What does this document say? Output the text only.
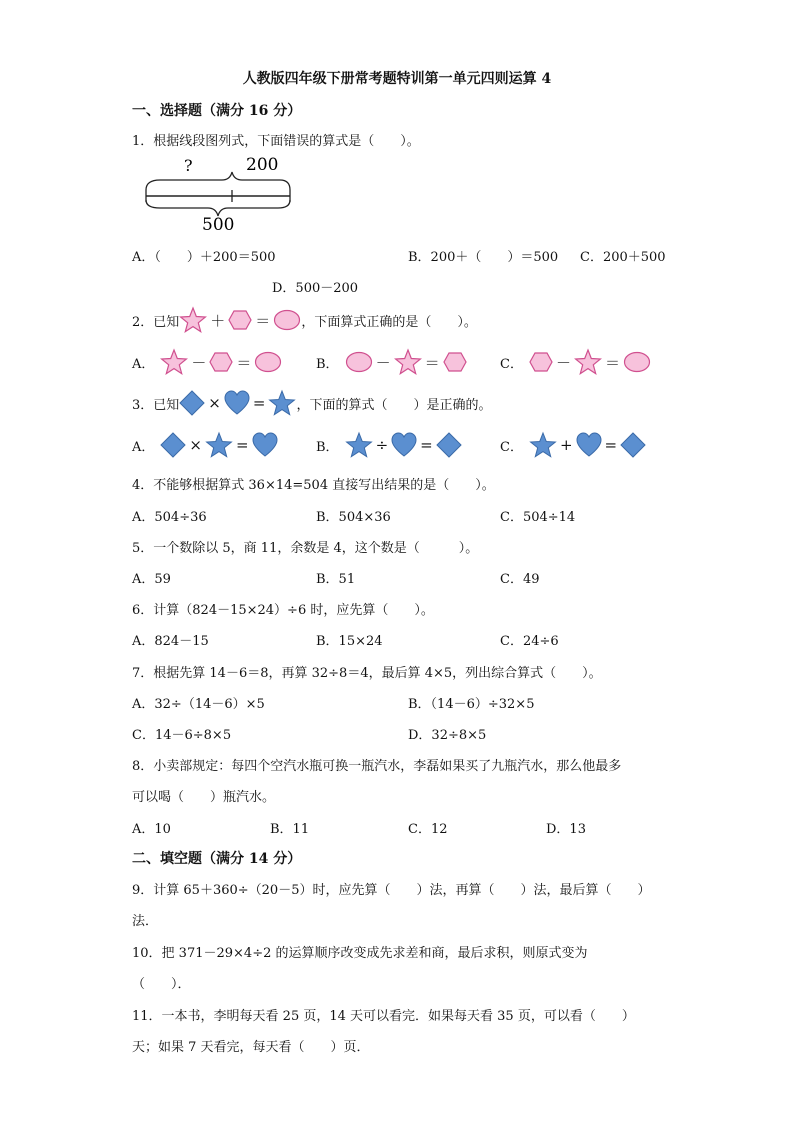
人教版四年级下册常考题特训第一单元四则运算 4
一、选择题（满分 16 分）
1．根据线段图列式，下面错误的算式是（　　）。
?	200
500
A．（　　）＋200＝500	B．200＋（　　）＝500 C．200＋500
D．500－200
2．已知 ＋ ＝ ，下面算式正确的是（　　）。
A． － ＝	B． － ＝	C． － ＝
3．已知 × = ，下面的算式（　　）是正确的。
A． × =	B． ÷ =	C． + =
4．不能够根据算式 36×14=504 直接写出结果的是（　　）。
A．504÷36	B．504×36	C．504÷14
5．一个数除以 5，商 11，余数是 4，这个数是（　　　）。
A．59	B．51	C．49
6．计算（824－15×24）÷6 时，应先算（　　）。
A．824－15	B．15×24	C．24÷6
7．根据先算 14－6＝8，再算 32÷8＝4，最后算 4×5，列出综合算式（　　）。
A．32÷（14－6）×5	B．（14－6）÷32×5
C．14－6÷8×5	D．32÷8×5
8．小卖部规定：每四个空汽水瓶可换一瓶汽水，李磊如果买了九瓶汽水，那么他最多
可以喝（　　）瓶汽水。
A．10	B．11	C．12	D．13
二、填空题（满分 14 分）
9．计算 65＋360÷（20－5）时，应先算（　　）法，再算（　　）法，最后算（　　）
法．
10．把 371－29×4÷2 的运算顺序改变成先求差和商，最后求积，则原式变为
（　　）．
11．一本书，李明每天看 25 页，14 天可以看完．如果每天看 35 页，可以看（　　）
天；如果 7 天看完，每天看（　　）页．
